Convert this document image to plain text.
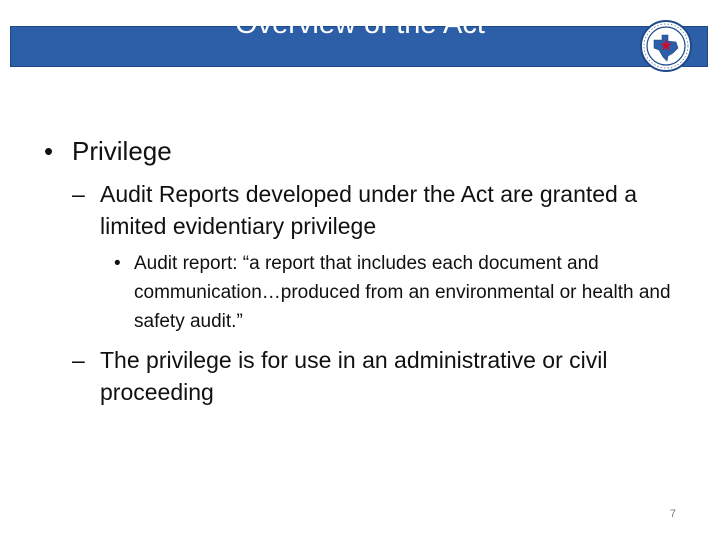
Overview of the Act
• Privilege
– Audit Reports developed under the Act are granted a limited evidentiary privilege
• Audit report: “a report that includes each document and communication…produced from an environmental or health and safety audit.”
– The privilege is for use in an administrative or civil proceeding
7
